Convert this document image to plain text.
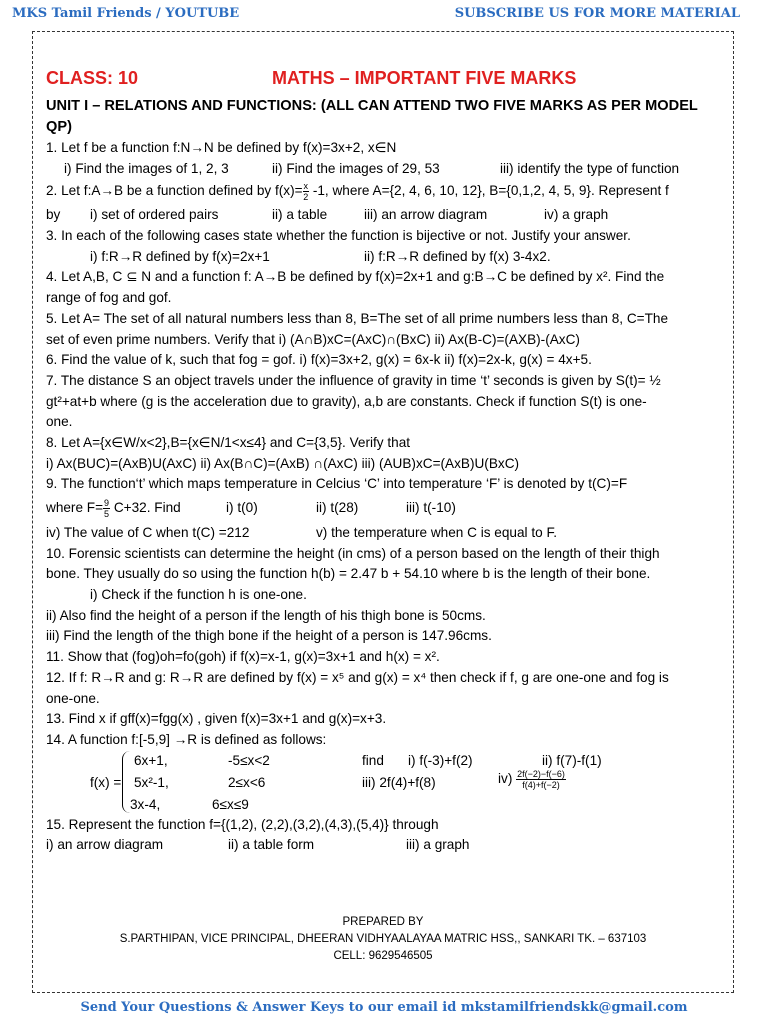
MKS Tamil Friends / YOUTUBE	SUBSCRIBE US FOR MORE MATERIAL
CLASS: 10	MATHS – IMPORTANT FIVE MARKS
UNIT I – RELATIONS AND FUNCTIONS: (ALL CAN ATTEND TWO FIVE MARKS AS PER MODEL QP)
1. Let f be a function f:N→N be defined by f(x)=3x+2, x∈N
i) Find the images of 1, 2, 3	ii) Find the images of 29, 53	iii) identify the type of function
2. Let f:A→B be a function defined by $f(x)= \frac{x}{2} -1$, where A={2, 4, 6, 10, 12}, B={0,1,2, 4, 5, 9}. Represent f
by i) set of ordered pairs	ii) a table	iii) an arrow diagram	iv) a graph
3. In each of the following cases state whether the function is bijective or not. Justify your answer.
i) f:R→R defined by f(x)=2x+1	ii) f:R→R defined by f(x) 3-4x2.
4. Let A,B, C ⊆ N and a function f: A→B be defined by f(x)=2x+1 and g:B→C be defined by x². Find the
range of fog and gof.
5. Let A= The set of all natural numbers less than 8, B=The set of all prime numbers less than 8, C=The
set of even prime numbers. Verify that i) (A∩B)xC=(AxC)∩(BxC) ii) Ax(B-C)=(AXB)-(AxC)
6. Find the value of k, such that fog = gof. i) f(x)=3x+2, g(x) = 6x-k ii) f(x)=2x-k, g(x) = 4x+5.
7. The distance S an object travels under the influence of gravity in time ‘t’ seconds is given by S(t)= ½
gt²+at+b where (g is the acceleration due to gravity), a,b are constants. Check if function S(t) is one-
one.
8. Let A={x∈W/x<2},B={x∈N/1<x≤4} and C={3,5}. Verify that
i) Ax(BUC)=(AxB)U(AxC) ii) Ax(B∩C)=(AxB) ∩(AxC) iii) (AUB)xC=(AxB)U(BxC)
9. The function‘t’ which maps temperature in Celcius ‘C’ into temperature ‘F’ is denoted by t(C)=F
where $F= \frac{9}{5} C+32$. Find	i) t(0)	ii) t(28)	iii) t(-10)
iv) The value of C when t(C) =212	v) the temperature when C is equal to F.
10. Forensic scientists can determine the height (in cms) of a person based on the length of their thigh
bone. They usually do so using the function h(b) = 2.47 b + 54.10 where b is the length of their bone.
i) Check if the function h is one-one.
ii) Also find the height of a person if the length of his thigh bone is 50cms.
iii) Find the length of the thigh bone if the height of a person is 147.96cms.
11. Show that (fog)oh=fo(goh) if f(x)=x-1, g(x)=3x+1 and h(x) = x².
12. If f: R→R and g: R→R are defined by f(x) = x⁵ and g(x) = x⁴ then check if f, g are one-one and fog is
one-one.
13. Find x if gff(x)=fgg(x) , given f(x)=3x+1 and g(x)=x+3.
14. A function f:[-5,9] →R is defined as follows:
6x+1,	-5≤x<2	find i) f(-3)+f(2)	ii) f(7)-f(1)
f(x) = 5x²-1,	2≤x<6	iii) 2f(4)+f(8)	$iv) \frac{2f(-2)-f(-6)}{f(4)+f(-2)}$
3x-4,	6≤x≤9
15. Represent the function f={(1,2), (2,2),(3,2),(4,3),(5,4)} through
i) an arrow diagram	ii) a table form	iii) a graph
PREPARED BY
S.PARTHIPAN, VICE PRINCIPAL, DHEERAN VIDHYAALAYAA MATRIC HSS,, SANKARI TK. – 637103
CELL: 9629546505
Send Your Questions & Answer Keys to our email id mkstamilfriendskk@gmail.com
